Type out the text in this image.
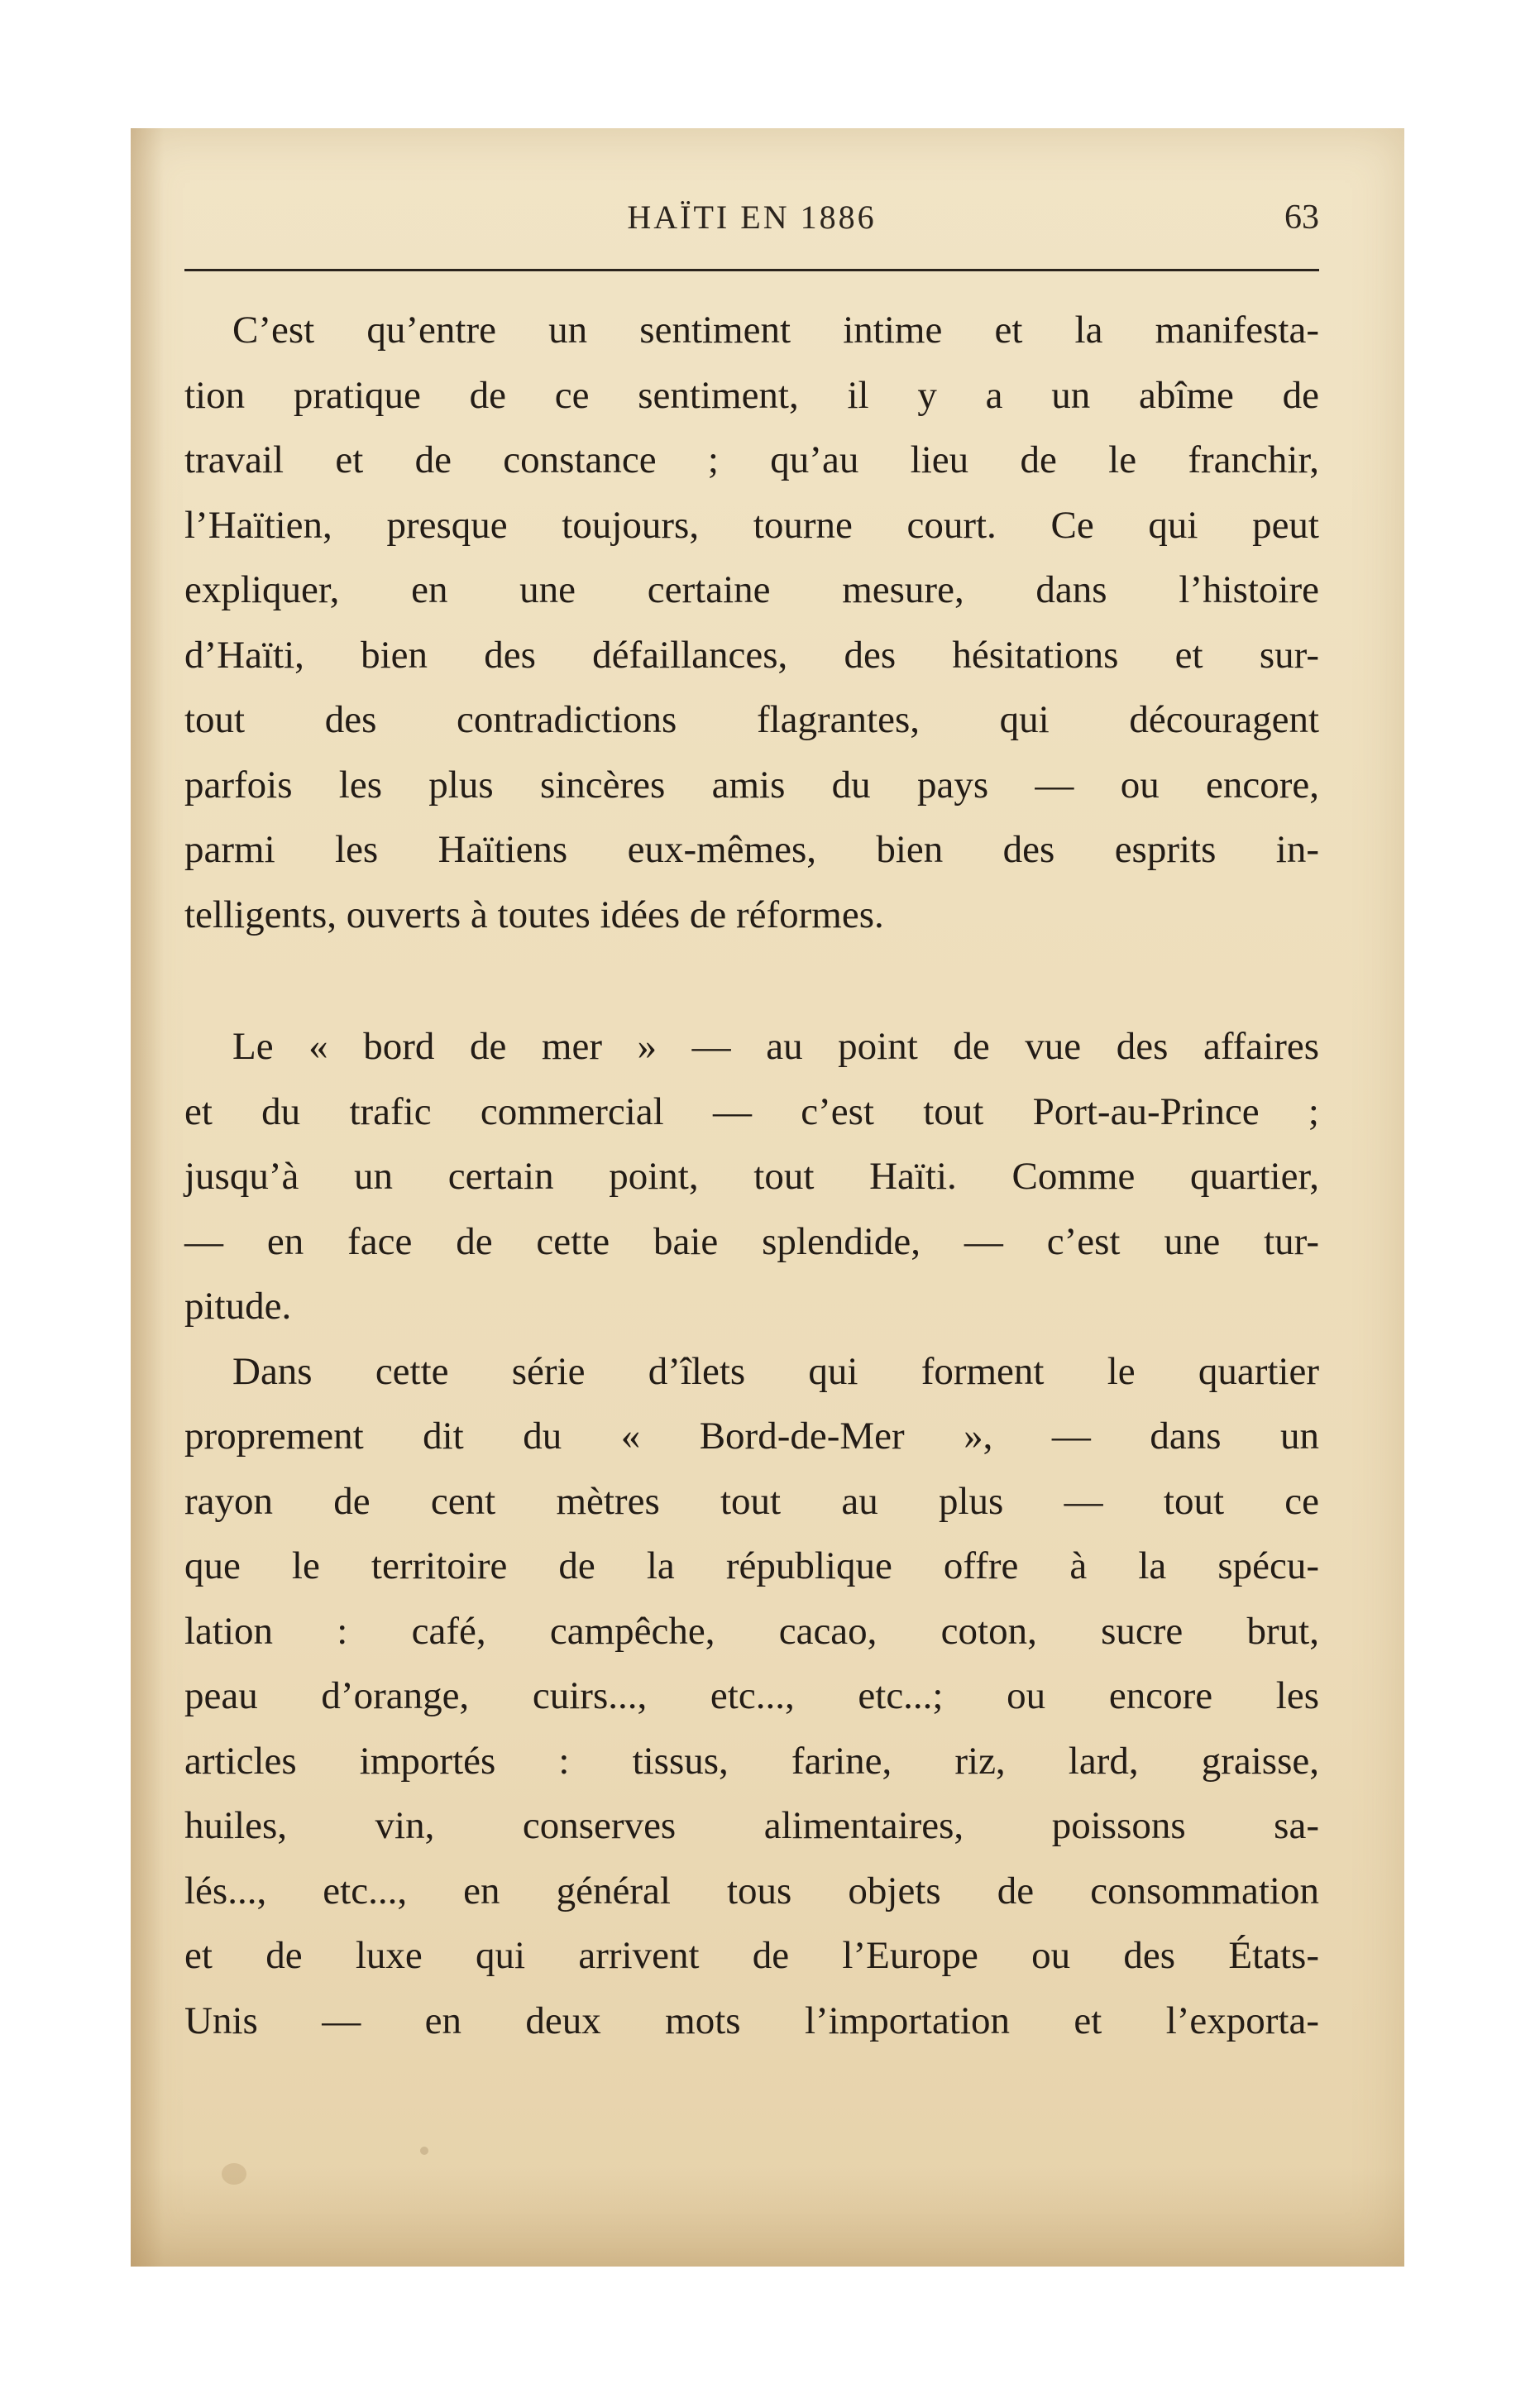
HAÏTI EN 1886	63
C’est qu’entre un sentiment intime et la manifesta-
tion pratique de ce sentiment, il y a un abîme de
travail et de constance ; qu’au lieu de le franchir,
l’Haïtien, presque toujours, tourne court. Ce qui peut
expliquer, en une certaine mesure, dans l’histoire
d’Haïti, bien des défaillances, des hésitations et sur-
tout des contradictions flagrantes, qui découragent
parfois les plus sincères amis du pays — ou encore,
parmi les Haïtiens eux-mêmes, bien des esprits in-
telligents, ouverts à toutes idées de réformes.
Le « bord de mer » — au point de vue des affaires
et du trafic commercial — c’est tout Port-au-Prince ;
jusqu’à un certain point, tout Haïti. Comme quartier,
— en face de cette baie splendide, — c’est une tur-
pitude.
Dans cette série d’îlets qui forment le quartier
proprement dit du « Bord-de-Mer », — dans un
rayon de cent mètres tout au plus — tout ce
que le territoire de la république offre à la spécu-
lation : café, campêche, cacao, coton, sucre brut,
peau d’orange, cuirs..., etc..., etc...; ou encore les
articles importés : tissus, farine, riz, lard, graisse,
huiles, vin, conserves alimentaires, poissons sa-
lés..., etc..., en général tous objets de consommation
et de luxe qui arrivent de l’Europe ou des États-
Unis — en deux mots l’importation et l’exporta-
